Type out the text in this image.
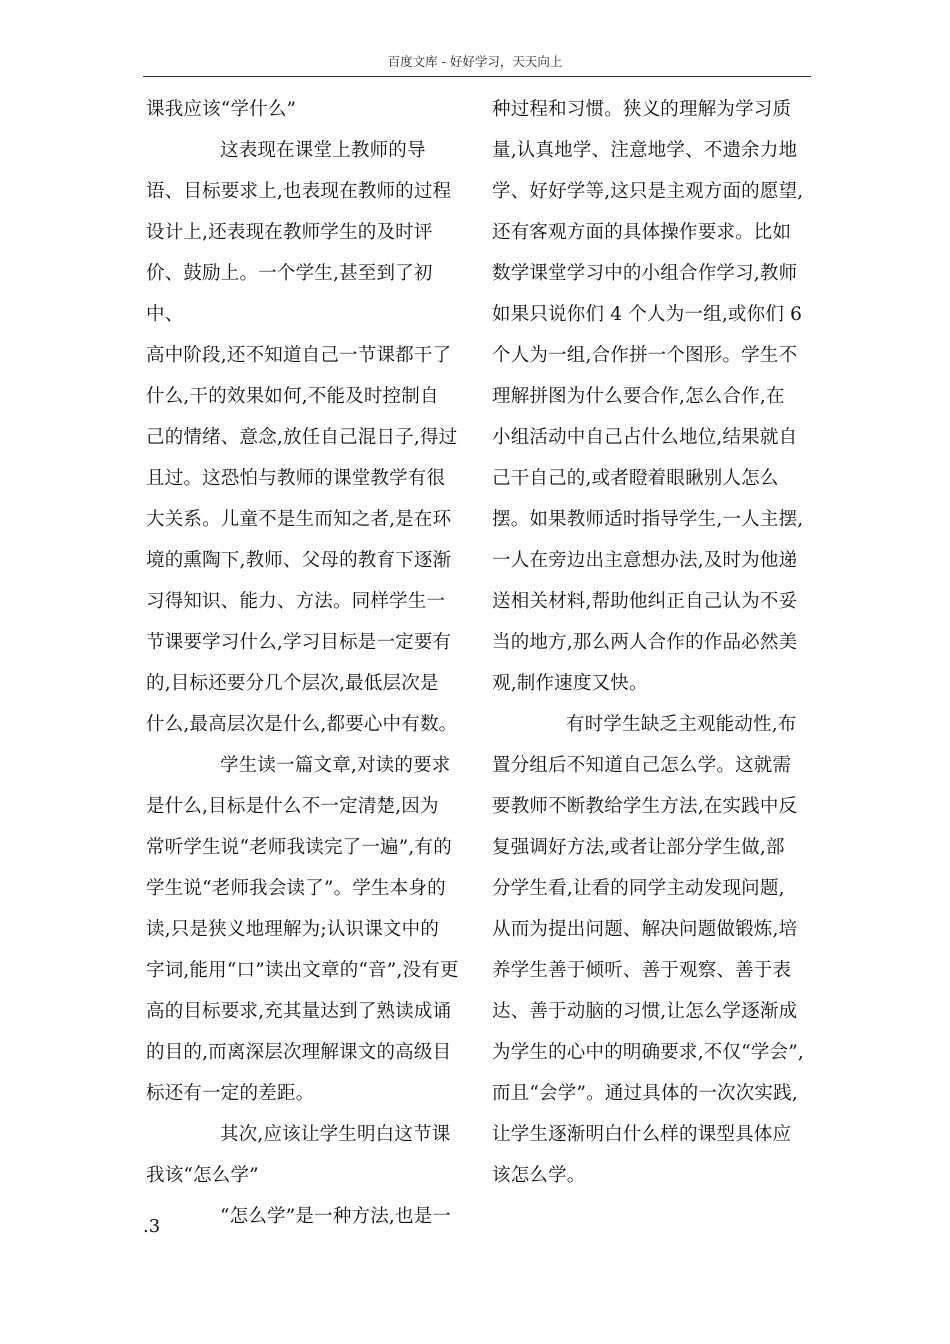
百度文库 - 好好学习，天天向上

课我应该“学什么”

这表现在课堂上教师的导

语、目标要求上,也表现在教师的过程

设计上,还表现在教师学生的及时评

价、鼓励上。一个学生,甚至到了初中、

高中阶段,还不知道自己一节课都干了

什么,干的效果如何,不能及时控制自

己的情绪、意念,放任自己混日子,得过

且过。这恐怕与教师的课堂教学有很

大关系。儿童不是生而知之者,是在环

境的熏陶下,教师、父母的教育下逐渐

习得知识、能力、方法。同样学生一

节课要学习什么,学习目标是一定要有

的,目标还要分几个层次,最低层次是

什么,最高层次是什么,都要心中有数。

学生读一篇文章,对读的要求

是什么,目标是什么不一定清楚,因为

常听学生说“老师我读完了一遍”,有的

学生说“老师我会读了”。学生本身的

读,只是狭义地理解为;认识课文中的

字词,能用“口”读出文章的“音”,没有更

高的目标要求,充其量达到了熟读成诵

的目的,而离深层次理解课文的高级目

标还有一定的差距。

其次,应该让学生明白这节课

我该“怎么学”

“怎么学”是一种方法,也是一

种过程和习惯。狭义的理解为学习质

量,认真地学、注意地学、不遗余力地

学、好好学等,这只是主观方面的愿望,

还有客观方面的具体操作要求。比如

数学课堂学习中的小组合作学习,教师

如果只说你们 4 个人为一组,或你们 6

个人为一组,合作拼一个图形。学生不

理解拼图为什么要合作,怎么合作,在

小组活动中自己占什么地位,结果就自

己干自己的,或者瞪着眼瞅别人怎么

摆。如果教师适时指导学生,一人主摆,

一人在旁边出主意想办法,及时为他递

送相关材料,帮助他纠正自己认为不妥

当的地方,那么两人合作的作品必然美

观,制作速度又快。

有时学生缺乏主观能动性,布

置分组后不知道自己怎么学。这就需

要教师不断教给学生方法,在实践中反

复强调好方法,或者让部分学生做,部

分学生看,让看的同学主动发现问题,

从而为提出问题、解决问题做锻炼,培

养学生善于倾听、善于观察、善于表

达、善于动脑的习惯,让怎么学逐渐成

为学生的心中的明确要求,不仅“学会”,

而且“会学”。通过具体的一次次实践,

让学生逐渐明白什么样的课型具体应

该怎么学。

.3
